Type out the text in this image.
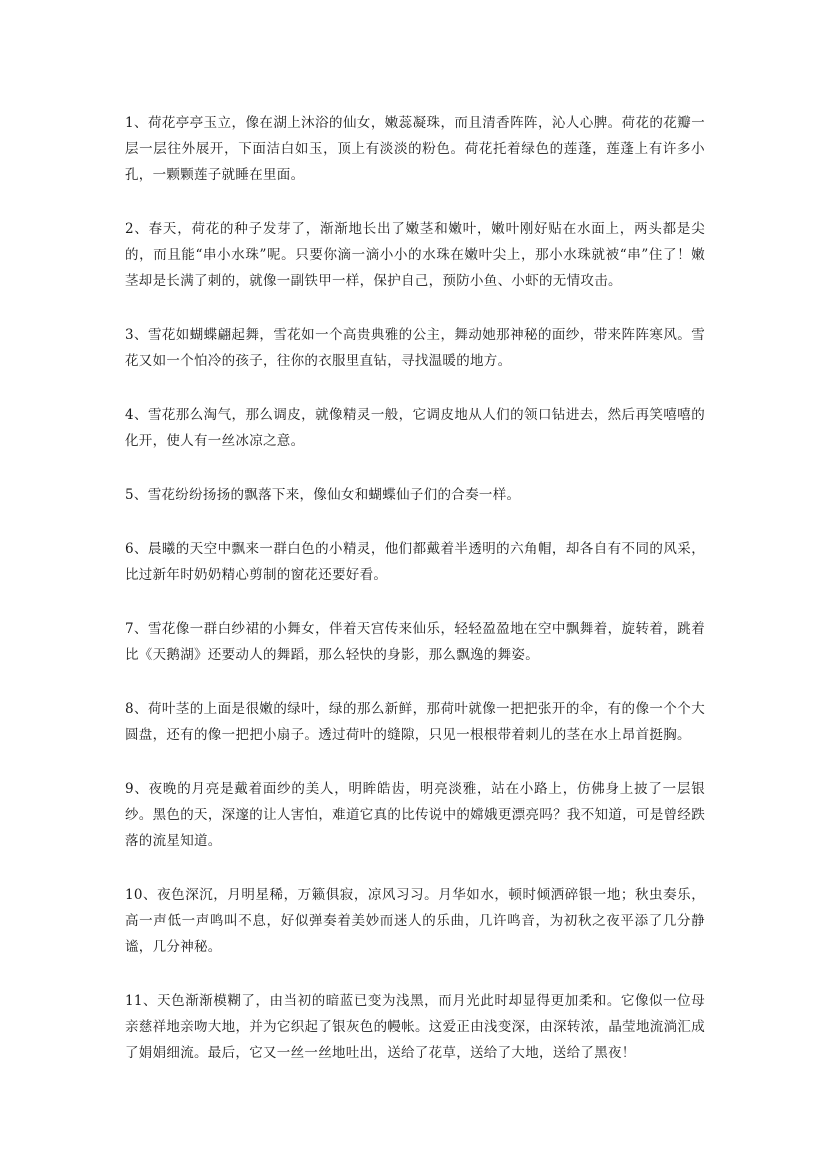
1、荷花亭亭玉立，像在湖上沐浴的仙女，嫩蕊凝珠，而且清香阵阵，沁人心脾。荷花的花瓣一层一层往外展开，下面洁白如玉，顶上有淡淡的粉色。荷花托着绿色的莲蓬，莲蓬上有许多小孔，一颗颗莲子就睡在里面。

2、春天，荷花的种子发芽了，渐渐地长出了嫩茎和嫩叶，嫩叶刚好贴在水面上，两头都是尖的，而且能“串小水珠”呢。只要你滴一滴小小的水珠在嫩叶尖上，那小水珠就被“串”住了！嫩茎却是长满了刺的，就像一副铁甲一样，保护自己，预防小鱼、小虾的无情攻击。

3、雪花如蝴蝶翩起舞，雪花如一个高贵典雅的公主，舞动她那神秘的面纱，带来阵阵寒风。雪花又如一个怕冷的孩子，往你的衣服里直钻，寻找温暖的地方。

4、雪花那么淘气，那么调皮，就像精灵一般，它调皮地从人们的领口钻进去，然后再笑嘻嘻的化开，使人有一丝冰凉之意。

5、雪花纷纷扬扬的飘落下来，像仙女和蝴蝶仙子们的合奏一样。

6、晨曦的天空中飘来一群白色的小精灵，他们都戴着半透明的六角帽，却各自有不同的风采，比过新年时奶奶精心剪制的窗花还要好看。

7、雪花像一群白纱裙的小舞女，伴着天宫传来仙乐，轻轻盈盈地在空中飘舞着，旋转着，跳着比《天鹅湖》还要动人的舞蹈，那么轻快的身影，那么飘逸的舞姿。

8、荷叶茎的上面是很嫩的绿叶，绿的那么新鲜，那荷叶就像一把把张开的伞，有的像一个个大圆盘，还有的像一把把小扇子。透过荷叶的缝隙，只见一根根带着刺儿的茎在水上昂首挺胸。

9、夜晚的月亮是戴着面纱的美人，明眸皓齿，明亮淡雅，站在小路上，仿佛身上披了一层银纱。黑色的天，深邃的让人害怕，难道它真的比传说中的嫦娥更漂亮吗？我不知道，可是曾经跌落的流星知道。

10、夜色深沉，月明星稀，万籁俱寂，凉风习习。月华如水，顿时倾洒碎银一地；秋虫奏乐，高一声低一声鸣叫不息，好似弹奏着美妙而迷人的乐曲，几许鸣音，为初秋之夜平添了几分静谧，几分神秘。

11、天色渐渐模糊了，由当初的暗蓝已变为浅黑，而月光此时却显得更加柔和。它像似一位母亲慈祥地亲吻大地，并为它织起了银灰色的幔帐。这爱正由浅变深，由深转浓，晶莹地流淌汇成了娟娟细流。最后，它又一丝一丝地吐出，送给了花草，送给了大地，送给了黑夜！
